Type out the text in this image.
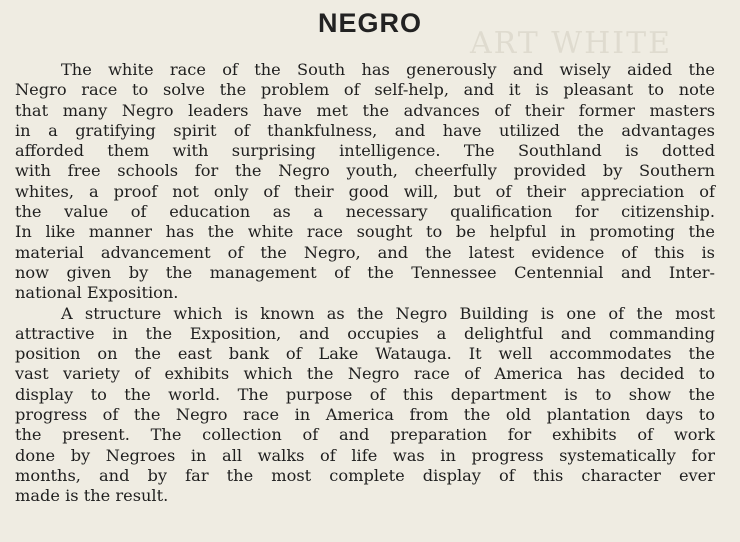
ART WHITE
NEGRO
The white race of the South has generously and wisely aided the
Negro race to solve the problem of self-help, and it is pleasant to note
that many Negro leaders have met the advances of their former masters
in a gratifying spirit of thankfulness, and have utilized the advantages
afforded them with surprising intelligence. The Southland is dotted
with free schools for the Negro youth, cheerfully provided by Southern
whites, a proof not only of their good will, but of their appreciation of
the value of education as a necessary qualification for citizenship.
In like manner has the white race sought to be helpful in promoting the
material advancement of the Negro, and the latest evidence of this is
now given by the management of the Tennessee Centennial and Inter-
national Exposition.
A structure which is known as the Negro Building is one of the most
attractive in the Exposition, and occupies a delightful and commanding
position on the east bank of Lake Watauga. It well accommodates the
vast variety of exhibits which the Negro race of America has decided to
display to the world. The purpose of this department is to show the
progress of the Negro race in America from the old plantation days to
the present. The collection of and preparation for exhibits of work
done by Negroes in all walks of life was in progress systematically for
months, and by far the most complete display of this character ever
made is the result.
